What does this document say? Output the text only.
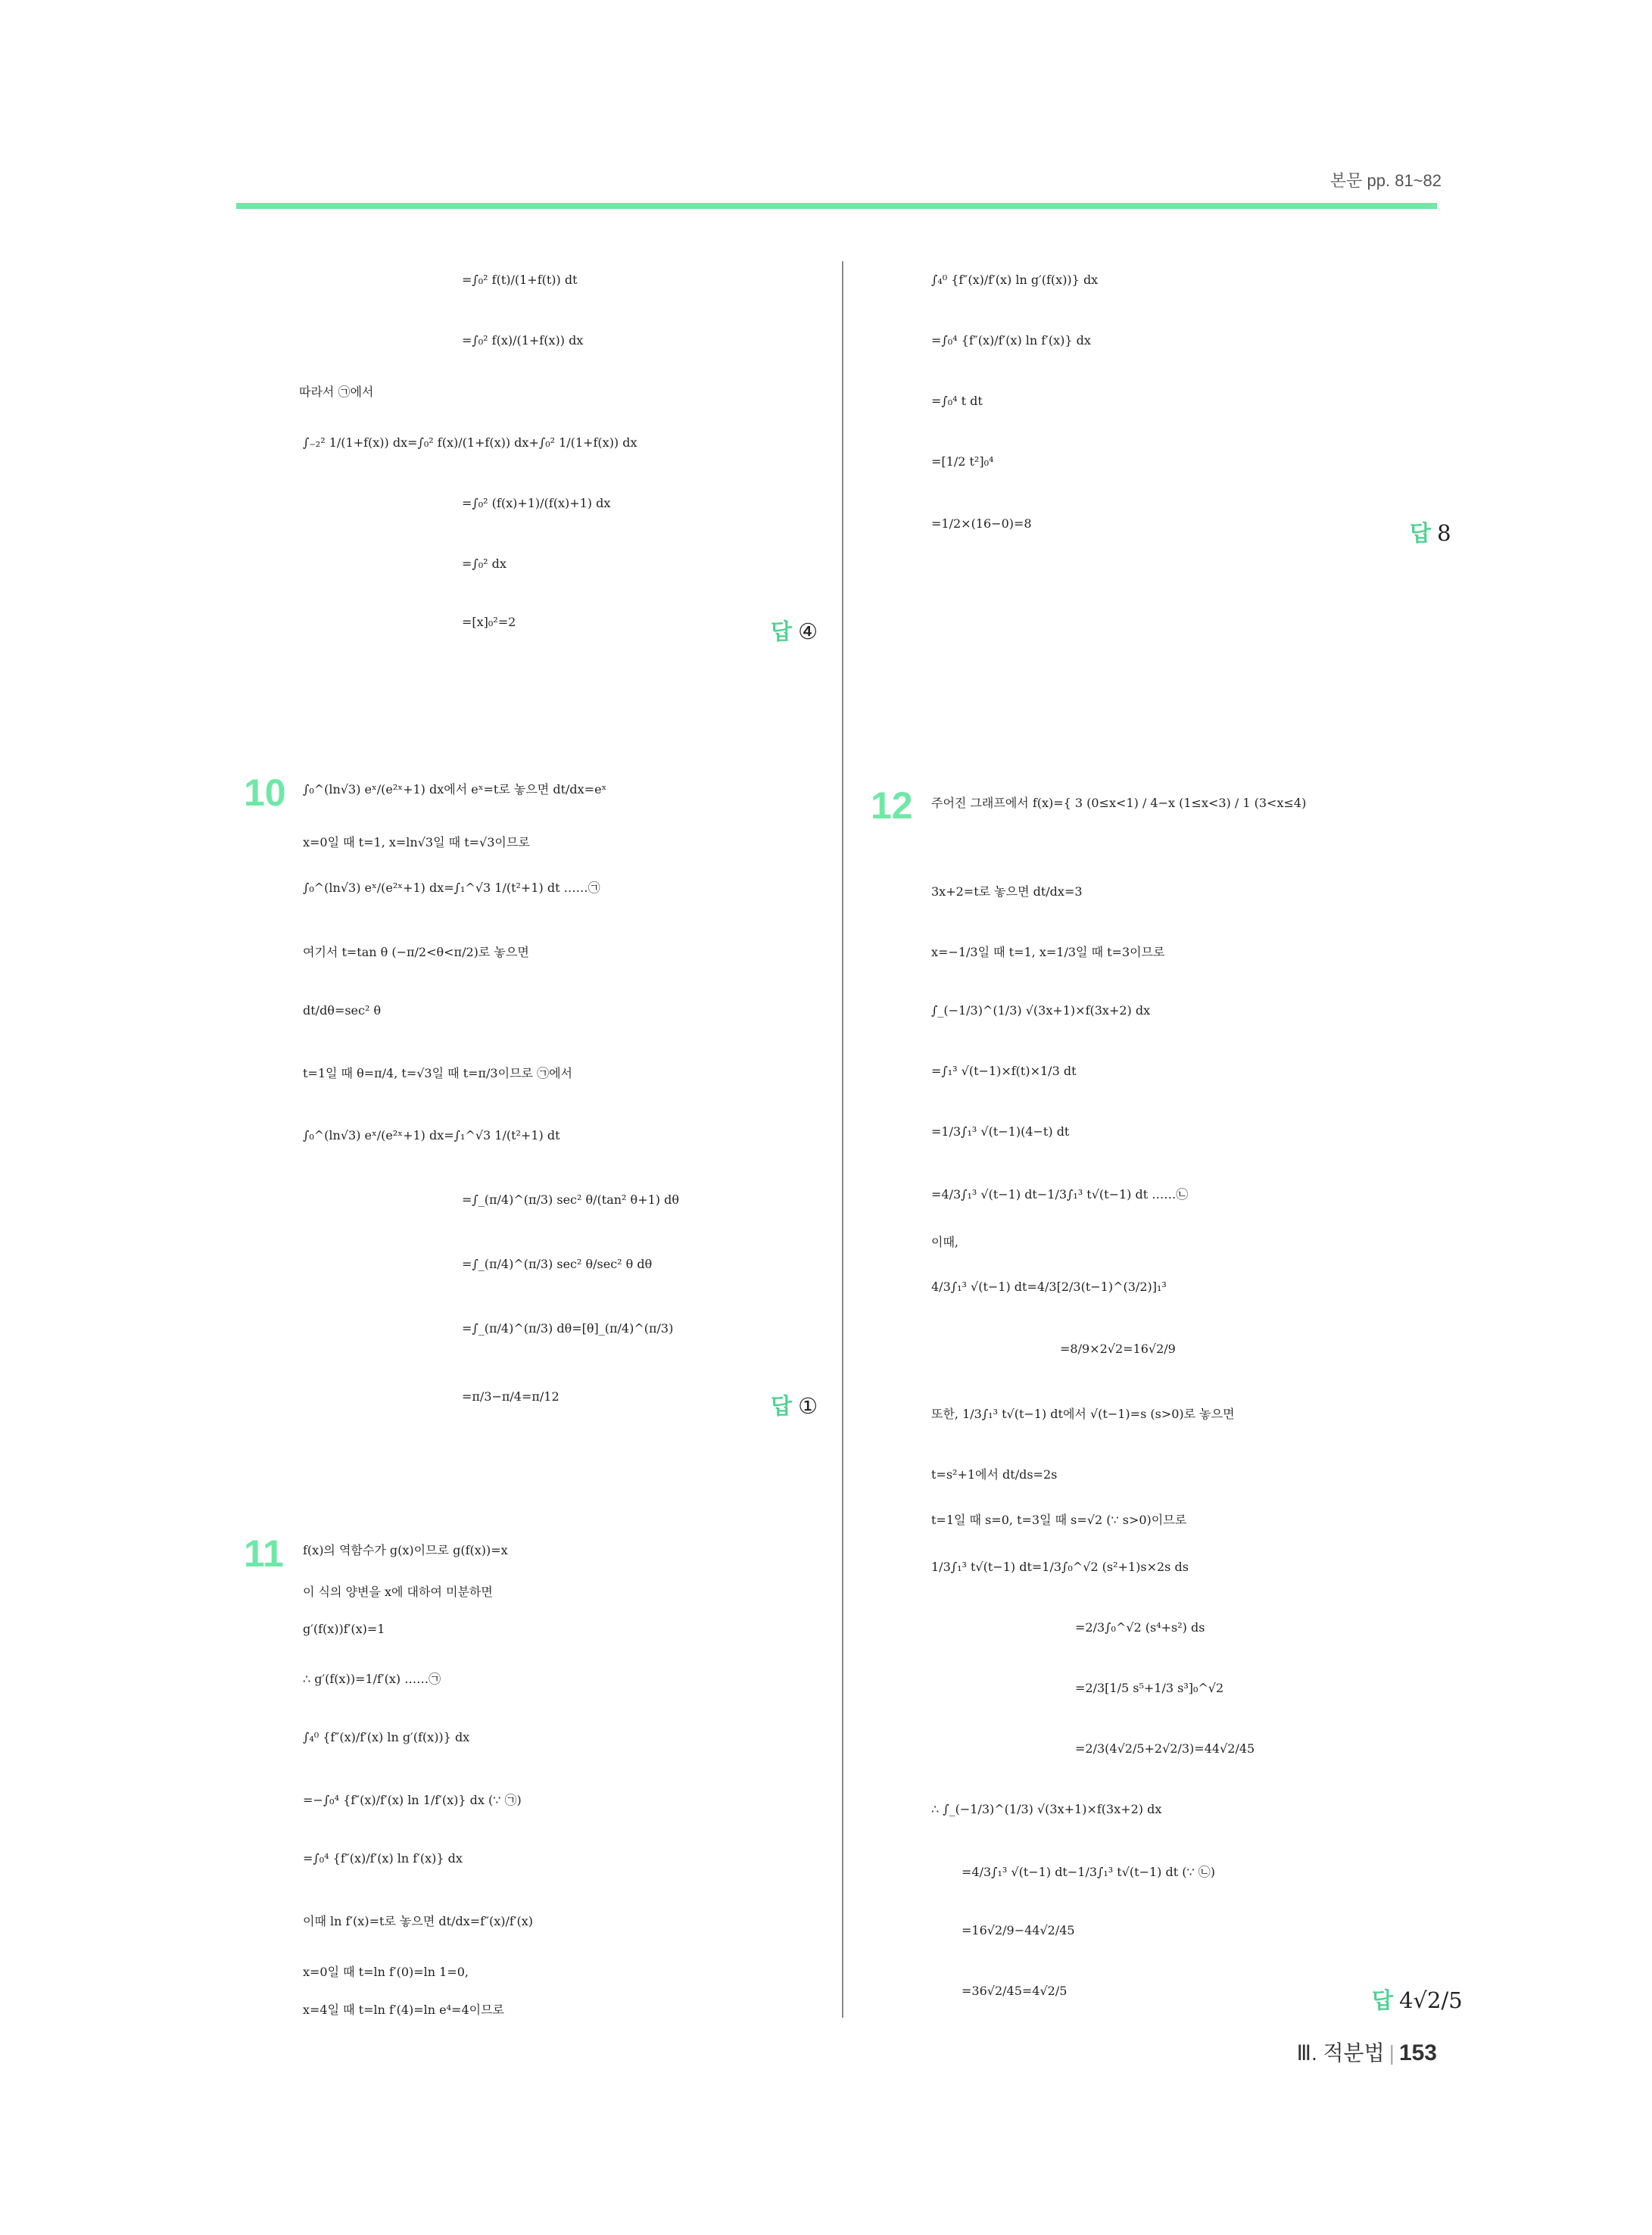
본문 pp. 81~82
=∫₀² f(t)/(1+f(t)) dt
=∫₀² f(x)/(1+f(x)) dx
따라서 ㉠에서
∫₋₂² 1/(1+f(x)) dx=∫₀² f(x)/(1+f(x)) dx+∫₀² 1/(1+f(x)) dx
=∫₀² (f(x)+1)/(f(x)+1) dx
=∫₀² dx
=[x]₀²=2	답 ④
10 ∫₀^(ln√3) eˣ/(e²ˣ+1) dx에서 eˣ=t로 놓으면 dt/dx=eˣ
x=0일 때 t=1, x=ln√3일 때 t=√3이므로
∫₀^(ln√3) eˣ/(e²ˣ+1) dx=∫₁^√3 1/(t²+1) dt ……㉠
여기서 t=tan θ (−π/2<θ<π/2)로 놓으면
dt/dθ=sec² θ
t=1일 때 θ=π/4, t=√3일 때 t=π/3이므로 ㉠에서
∫₀^(ln√3) eˣ/(e²ˣ+1) dx=∫₁^√3 1/(t²+1) dt
=∫_(π/4)^(π/3) sec² θ/(tan² θ+1) dθ
=∫_(π/4)^(π/3) sec² θ/sec² θ dθ
=∫_(π/4)^(π/3) dθ=[θ]_(π/4)^(π/3)
=π/3−π/4=π/12	답 ①
11 f(x)의 역함수가 g(x)이므로 g(f(x))=x
이 식의 양변을 x에 대하여 미분하면
g′(f(x))f′(x)=1
∴ g′(f(x))=1/f′(x) ……㉠
∫₄⁰ {f″(x)/f′(x) ln g′(f(x))} dx
=−∫₀⁴ {f″(x)/f′(x) ln 1/f′(x)} dx (∵ ㉠)
=∫₀⁴ {f″(x)/f′(x) ln f′(x)} dx
이때 ln f′(x)=t로 놓으면 dt/dx=f″(x)/f′(x)
x=0일 때 t=ln f′(0)=ln 1=0,
x=4일 때 t=ln f′(4)=ln e⁴=4이므로
∫₄⁰ {f″(x)/f′(x) ln g′(f(x))} dx
=∫₀⁴ {f″(x)/f′(x) ln f′(x)} dx
=∫₀⁴ t dt
=[1/2 t²]₀⁴
=1/2×(16−0)=8	답 8
12 주어진 그래프에서 f(x)={ 3 (0≤x<1) / 4−x (1≤x<3) / 1 (3<x≤4)
3x+2=t로 놓으면 dt/dx=3
x=−1/3일 때 t=1, x=1/3일 때 t=3이므로
∫_(−1/3)^(1/3) √(3x+1)×f(3x+2) dx
=∫₁³ √(t−1)×f(t)×1/3 dt
=1/3∫₁³ √(t−1)(4−t) dt
=4/3∫₁³ √(t−1) dt−1/3∫₁³ t√(t−1) dt ……㉡
이때,
4/3∫₁³ √(t−1) dt=4/3[2/3(t−1)^(3/2)]₁³
=8/9×2√2=16√2/9
또한, 1/3∫₁³ t√(t−1) dt에서 √(t−1)=s (s>0)로 놓으면
t=s²+1에서 dt/ds=2s
t=1일 때 s=0, t=3일 때 s=√2 (∵ s>0)이므로
1/3∫₁³ t√(t−1) dt=1/3∫₀^√2 (s²+1)s×2s ds
=2/3∫₀^√2 (s⁴+s²) ds
=2/3[1/5 s⁵+1/3 s³]₀^√2
=2/3(4√2/5+2√2/3)=44√2/45
∴ ∫_(−1/3)^(1/3) √(3x+1)×f(3x+2) dx
=4/3∫₁³ √(t−1) dt−1/3∫₁³ t√(t−1) dt (∵ ㉡)
=16√2/9−44√2/45
=36√2/45=4√2/5	답 4√2/5
Ⅲ. 적분법 | 153
